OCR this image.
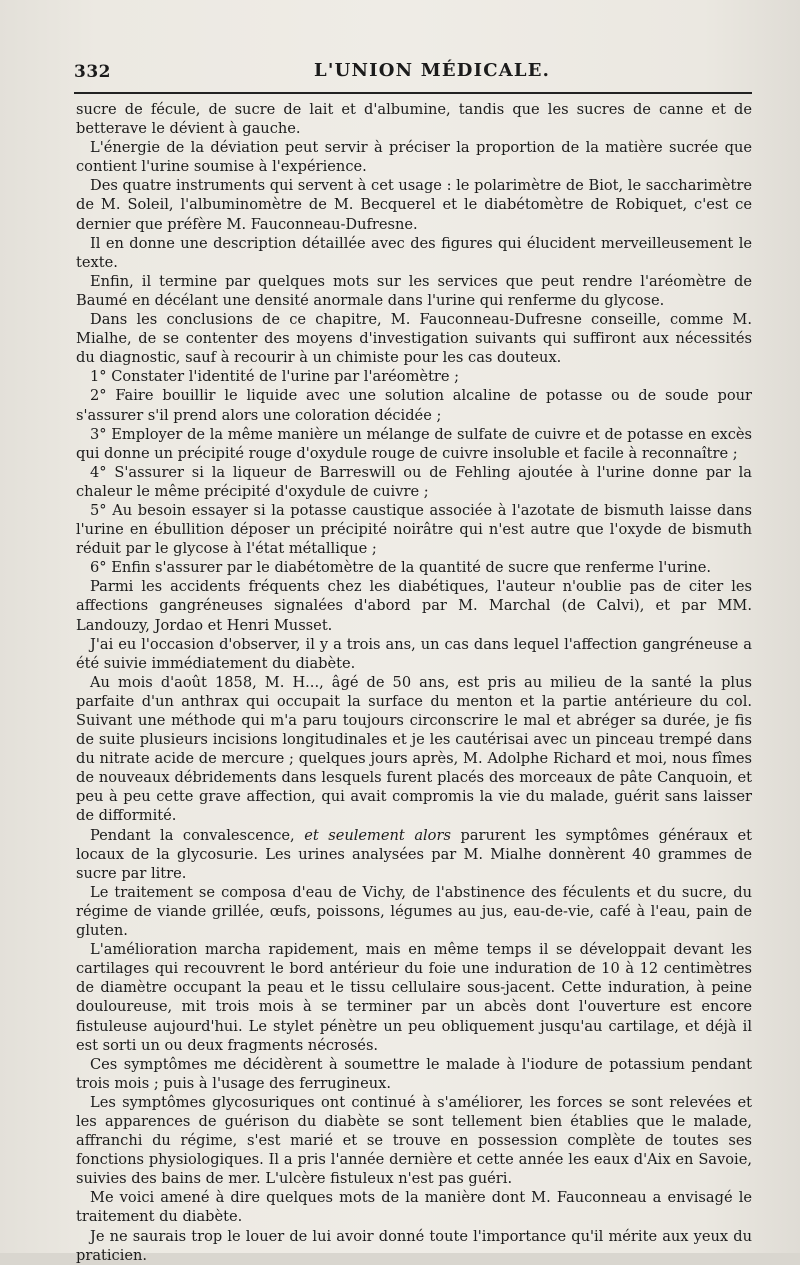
332	L'UNION MÉDICALE.

sucre de fécule, de sucre de lait et d'albumine, tandis que les sucres de canne et de betterave le dévient à gauche.

L'énergie de la déviation peut servir à préciser la proportion de la matière sucrée que contient l'urine soumise à l'expérience.

Des quatre instruments qui servent à cet usage : le polarimètre de Biot, le saccharimètre de M. Soleil, l'albuminomètre de M. Becquerel et le diabétomètre de Robiquet, c'est ce dernier que préfère M. Fauconneau-Dufresne.

Il en donne une description détaillée avec des figures qui élucident merveilleusement le texte.

Enfin, il termine par quelques mots sur les services que peut rendre l'aréomètre de Baumé en décélant une densité anormale dans l'urine qui renferme du glycose.

Dans les conclusions de ce chapitre, M. Fauconneau-Dufresne conseille, comme M. Mialhe, de se contenter des moyens d'investigation suivants qui suffiront aux nécessités du diagnostic, sauf à recourir à un chimiste pour les cas douteux.

1° Constater l'identité de l'urine par l'aréomètre ;

2° Faire bouillir le liquide avec une solution alcaline de potasse ou de soude pour s'assurer s'il prend alors une coloration décidée ;

3° Employer de la même manière un mélange de sulfate de cuivre et de potasse en excès qui donne un précipité rouge d'oxydule rouge de cuivre insoluble et facile à reconnaître ;

4° S'assurer si la liqueur de Barreswill ou de Fehling ajoutée à l'urine donne par la chaleur le même précipité d'oxydule de cuivre ;

5° Au besoin essayer si la potasse caustique associée à l'azotate de bismuth laisse dans l'urine en ébullition déposer un précipité noirâtre qui n'est autre que l'oxyde de bismuth réduit par le glycose à l'état métallique ;

6° Enfin s'assurer par le diabétomètre de la quantité de sucre que renferme l'urine.

Parmi les accidents fréquents chez les diabétiques, l'auteur n'oublie pas de citer les affections gangréneuses signalées d'abord par M. Marchal (de Calvi), et par MM. Landouzy, Jordao et Henri Musset.

J'ai eu l'occasion d'observer, il y a trois ans, un cas dans lequel l'affection gangréneuse a été suivie immédiatement du diabète.

Au mois d'août 1858, M. H..., âgé de 50 ans, est pris au milieu de la santé la plus parfaite d'un anthrax qui occupait la surface du menton et la partie antérieure du col. Suivant une méthode qui m'a paru toujours circonscrire le mal et abréger sa durée, je fis de suite plusieurs incisions longitudinales et je les cautérisai avec un pinceau trempé dans du nitrate acide de mercure ; quelques jours après, M. Adolphe Richard et moi, nous fîmes de nouveaux débridements dans lesquels furent placés des morceaux de pâte Canquoin, et peu à peu cette grave affection, qui avait compromis la vie du malade, guérit sans laisser de difformité.

Pendant la convalescence, et seulement alors parurent les symptômes généraux et locaux de la glycosurie. Les urines analysées par M. Mialhe donnèrent 40 grammes de sucre par litre.

Le traitement se composa d'eau de Vichy, de l'abstinence des féculents et du sucre, du régime de viande grillée, œufs, poissons, légumes au jus, eau-de-vie, café à l'eau, pain de gluten.

L'amélioration marcha rapidement, mais en même temps il se développait devant les cartilages qui recouvrent le bord antérieur du foie une induration de 10 à 12 centimètres de diamètre occupant la peau et le tissu cellulaire sous-jacent. Cette induration, à peine douloureuse, mit trois mois à se terminer par un abcès dont l'ouverture est encore fistuleuse aujourd'hui. Le stylet pénètre un peu obliquement jusqu'au cartilage, et déjà il est sorti un ou deux fragments nécrosés.

Ces symptômes me décidèrent à soumettre le malade à l'iodure de potassium pendant trois mois ; puis à l'usage des ferrugineux.

Les symptômes glycosuriques ont continué à s'améliorer, les forces se sont relevées et les apparences de guérison du diabète se sont tellement bien établies que le malade, affranchi du régime, s'est marié et se trouve en possession complète de toutes ses fonctions physiologiques. Il a pris l'année dernière et cette année les eaux d'Aix en Savoie, suivies des bains de mer. L'ulcère fistuleux n'est pas guéri.

Me voici amené à dire quelques mots de la manière dont M. Fauconneau a envisagé le traitement du diabète.

Je ne saurais trop le louer de lui avoir donné toute l'importance qu'il mérite aux yeux du praticien.
